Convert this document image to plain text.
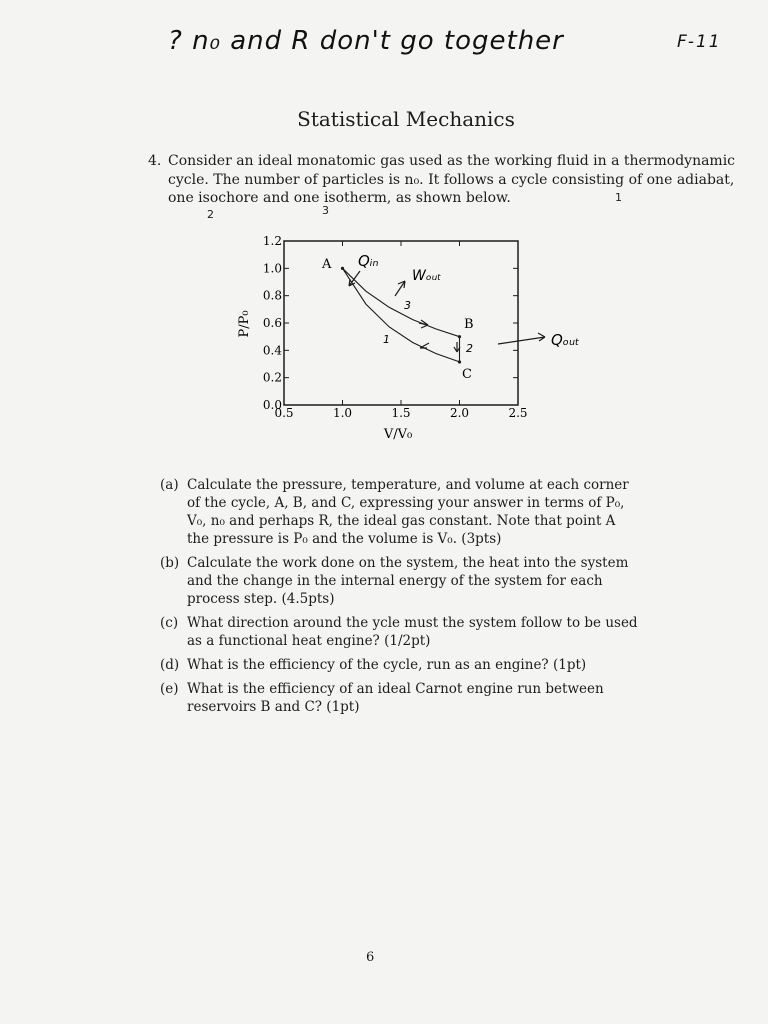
? n₀ and R don't go together	F-11
Statistical Mechanics
4. Consider an ideal monatomic gas used as the working fluid in a thermodynamic
cycle. The number of particles is n₀. It follows a cycle consisting of one adiabat,
one isochore and one isotherm, as shown below.
2	3
1
0.5	1.0	1.5	2.0	2.5
0.0
0.2
0.4
0.6
0.8
1.0
1.2
P/P₀
V/V₀
A
B
C
Qᵢₙ
Wₒᵤₜ
Qₒᵤₜ
1
2
3
(a) Calculate the pressure, temperature, and volume at each corner of the cycle, A, B, and C, expressing your answer in terms of P₀, V₀, n₀ and perhaps R, the ideal gas constant. Note that point A the pressure is P₀ and the volume is V₀. (3pts)
(b) Calculate the work done on the system, the heat into the system and the change in the internal energy of the system for each process step. (4.5pts)
(c) What direction around the ycle must the system follow to be used as a functional heat engine? (1/2pt)
(d) What is the efficiency of the cycle, run as an engine? (1pt)
(e) What is the efficiency of an ideal Carnot engine run between reservoirs B and C? (1pt)
6
